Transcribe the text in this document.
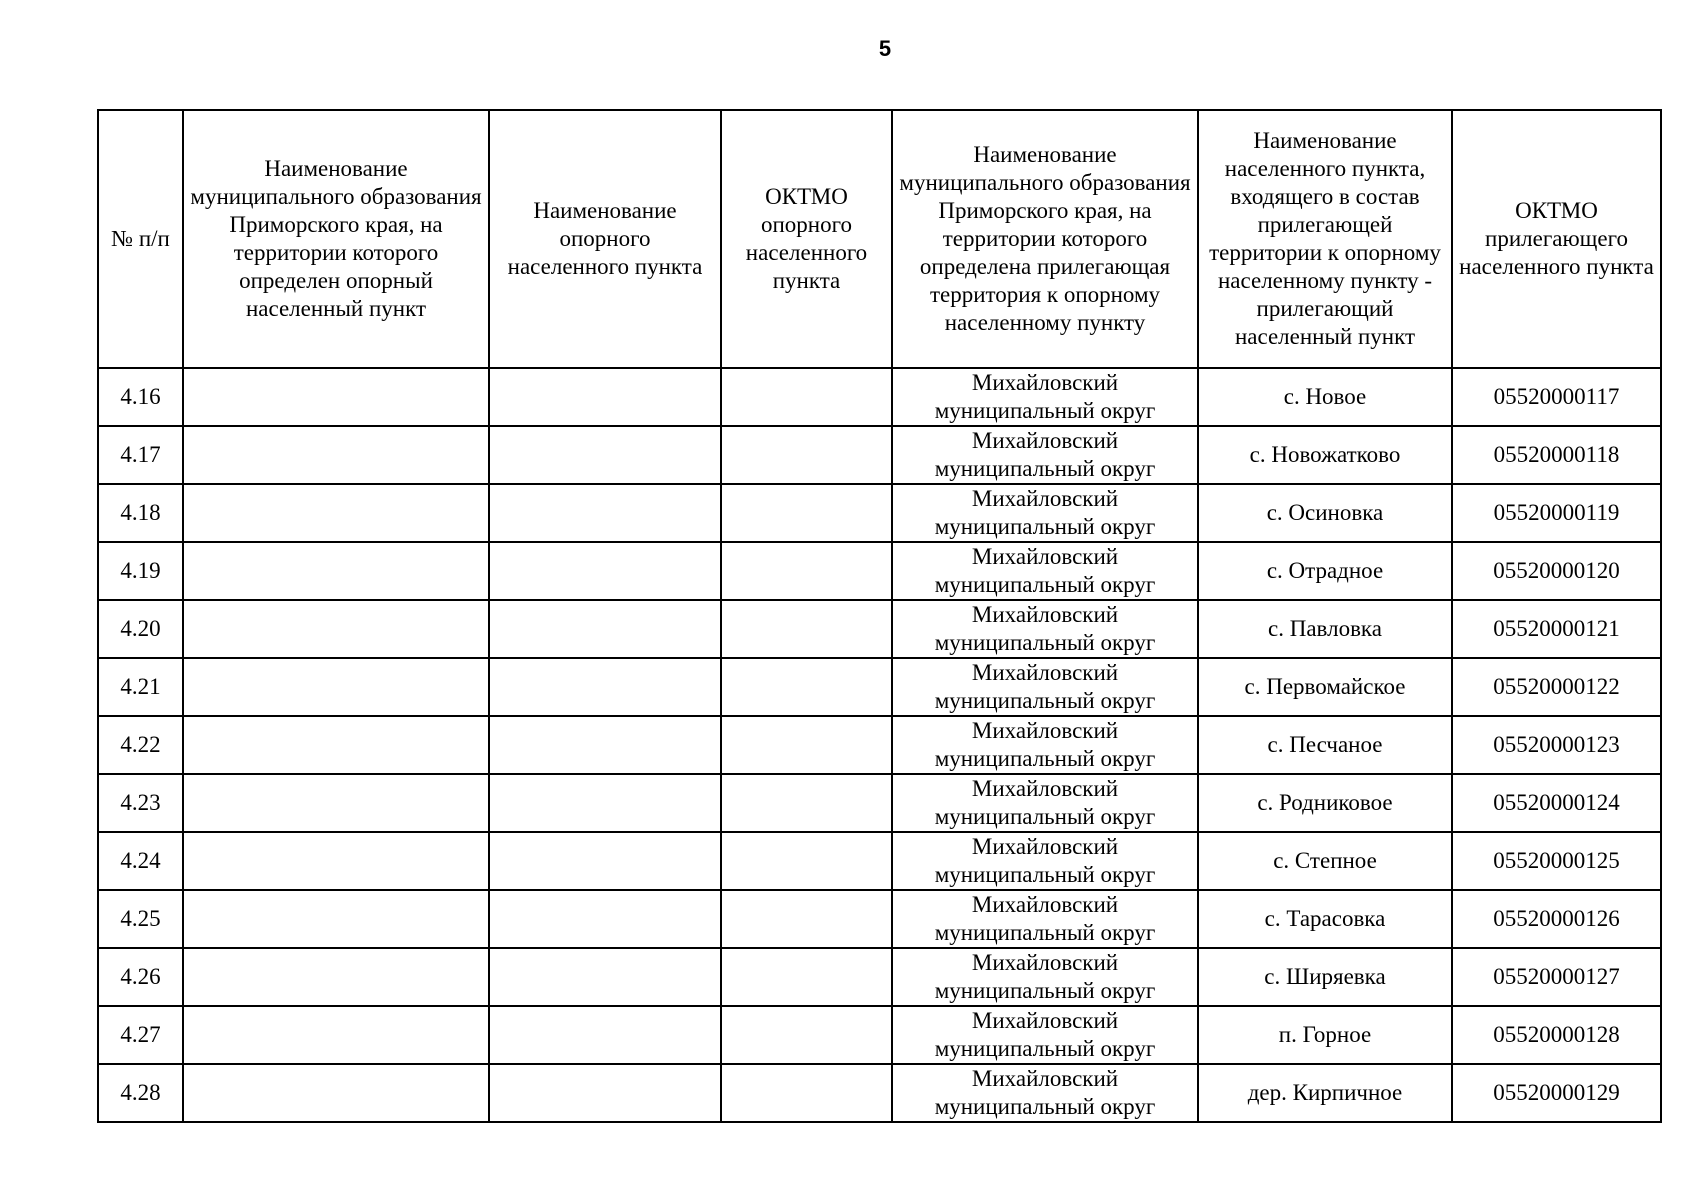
5
№ п/п	Наименование муниципального образования Приморского края, на территории которого определен опорный населенный пункт	Наименование опорного населенного пункта	ОКТМО опорного населенного пункта	Наименование муниципального образования Приморского края, на территории которого определена прилегающая территория к опорному населенному пункту	Наименование населенного пункта, входящего в состав прилегающей территории к опорному населенному пункту - прилегающий населенный пункт	ОКТМО прилегающего населенного пункта
4.16				Михайловский муниципальный округ	с. Новое	05520000117
4.17				Михайловский муниципальный округ	с. Новожатково	05520000118
4.18				Михайловский муниципальный округ	с. Осиновка	05520000119
4.19				Михайловский муниципальный округ	с. Отрадное	05520000120
4.20				Михайловский муниципальный округ	с. Павловка	05520000121
4.21				Михайловский муниципальный округ	с. Первомайское	05520000122
4.22				Михайловский муниципальный округ	с. Песчаное	05520000123
4.23				Михайловский муниципальный округ	с. Родниковое	05520000124
4.24				Михайловский муниципальный округ	с. Степное	05520000125
4.25				Михайловский муниципальный округ	с. Тарасовка	05520000126
4.26				Михайловский муниципальный округ	с. Ширяевка	05520000127
4.27				Михайловский муниципальный округ	п. Горное	05520000128
4.28				Михайловский муниципальный округ	дер. Кирпичное	05520000129
